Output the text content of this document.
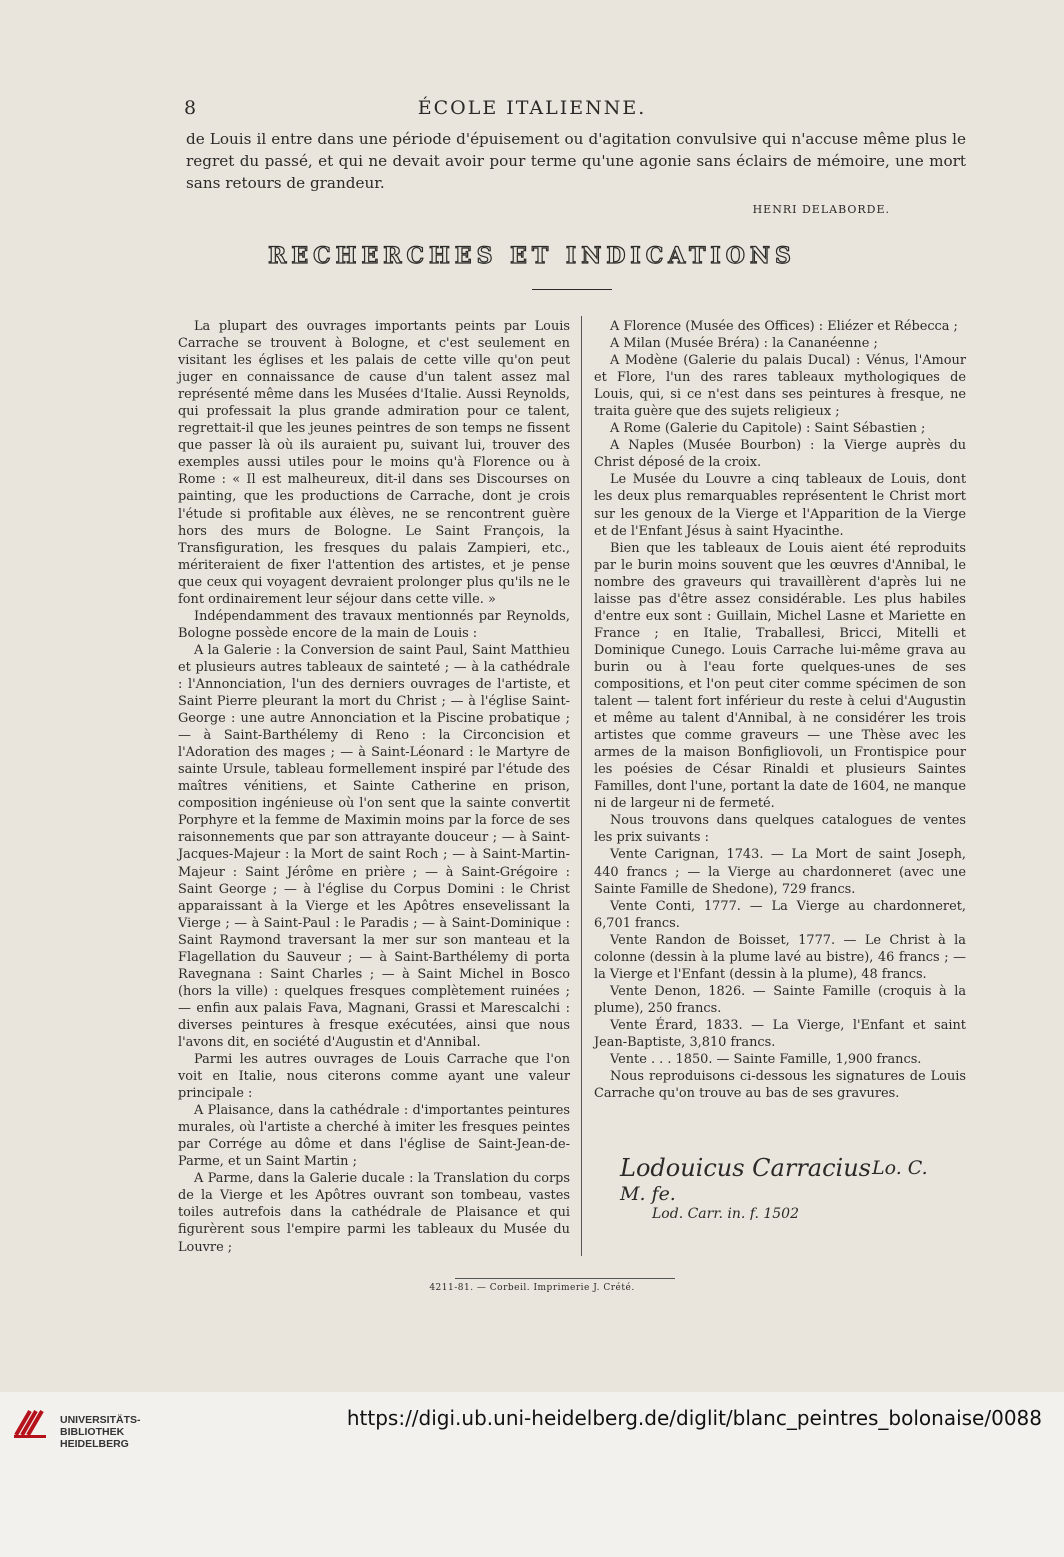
8	ÉCOLE ITALIENNE.
de Louis il entre dans une période d'épuisement ou d'agitation convulsive qui n'accuse même plus le regret du passé, et qui ne devait avoir pour terme qu'une agonie sans éclairs de mémoire, une mort sans retours de grandeur.
HENRI DELABORDE.
RECHERCHES ET INDICATIONS

La plupart des ouvrages importants peints par Louis Carrache se trouvent à Bologne, et c'est seulement en visitant les églises et les palais de cette ville qu'on peut juger en connaissance de cause d'un talent assez mal représenté même dans les Musées d'Italie. Aussi Reynolds, qui professait la plus grande admiration pour ce talent, regrettait-il que les jeunes peintres de son temps ne fissent que passer là où ils auraient pu, suivant lui, trouver des exemples aussi utiles pour le moins qu'à Florence ou à Rome : « Il est malheureux, dit-il dans ses Discourses on painting, que les productions de Carrache, dont je crois l'étude si profitable aux élèves, ne se rencontrent guère hors des murs de Bologne. Le Saint François, la Transfiguration, les fresques du palais Zampieri, etc., mériteraient de fixer l'attention des artistes, et je pense que ceux qui voyagent devraient prolonger plus qu'ils ne le font ordinairement leur séjour dans cette ville. »

Indépendamment des travaux mentionnés par Reynolds, Bologne possède encore de la main de Louis :

A la Galerie : la Conversion de saint Paul, Saint Matthieu et plusieurs autres tableaux de sainteté ; — à la cathédrale : l'Annonciation, l'un des derniers ouvrages de l'artiste, et Saint Pierre pleurant la mort du Christ ; — à l'église Saint-George : une autre Annonciation et la Piscine probatique ; — à Saint-Barthélemy di Reno : la Circoncision et l'Adoration des mages ; — à Saint-Léonard : le Martyre de sainte Ursule, tableau formellement inspiré par l'étude des maîtres vénitiens, et Sainte Catherine en prison, composition ingénieuse où l'on sent que la sainte convertit Porphyre et la femme de Maximin moins par la force de ses raisonnements que par son attrayante douceur ; — à Saint-Jacques-Majeur : la Mort de saint Roch ; — à Saint-Martin-Majeur : Saint Jérôme en prière ; — à Saint-Grégoire : Saint George ; — à l'église du Corpus Domini : le Christ apparaissant à la Vierge et les Apôtres ensevelissant la Vierge ; — à Saint-Paul : le Paradis ; — à Saint-Dominique : Saint Raymond traversant la mer sur son manteau et la Flagellation du Sauveur ; — à Saint-Barthélemy di porta Ravegnana : Saint Charles ; — à Saint Michel in Bosco (hors la ville) : quelques fresques complètement ruinées ; — enfin aux palais Fava, Magnani, Grassi et Marescalchi : diverses peintures à fresque exécutées, ainsi que nous l'avons dit, en société d'Augustin et d'Annibal.

Parmi les autres ouvrages de Louis Carrache que l'on voit en Italie, nous citerons comme ayant une valeur principale :

A Plaisance, dans la cathédrale : d'importantes peintures murales, où l'artiste a cherché à imiter les fresques peintes par Corrége au dôme et dans l'église de Saint-Jean-de-Parme, et un Saint Martin ;

A Parme, dans la Galerie ducale : la Translation du corps de la Vierge et les Apôtres ouvrant son tombeau, vastes toiles autrefois dans la cathédrale de Plaisance et qui figurèrent sous l'empire parmi les tableaux du Musée du Louvre ;

A Florence (Musée des Offices) : Eliézer et Rébecca ;

A Milan (Musée Bréra) : la Cananéenne ;

A Modène (Galerie du palais Ducal) : Vénus, l'Amour et Flore, l'un des rares tableaux mythologiques de Louis, qui, si ce n'est dans ses peintures à fresque, ne traita guère que des sujets religieux ;

A Rome (Galerie du Capitole) : Saint Sébastien ;

A Naples (Musée Bourbon) : la Vierge auprès du Christ déposé de la croix.

Le Musée du Louvre a cinq tableaux de Louis, dont les deux plus remarquables représentent le Christ mort sur les genoux de la Vierge et l'Apparition de la Vierge et de l'Enfant Jésus à saint Hyacinthe.

Bien que les tableaux de Louis aient été reproduits par le burin moins souvent que les œuvres d'Annibal, le nombre des graveurs qui travaillèrent d'après lui ne laisse pas d'être assez considérable. Les plus habiles d'entre eux sont : Guillain, Michel Lasne et Mariette en France ; en Italie, Traballesi, Bricci, Mitelli et Dominique Cunego. Louis Carrache lui-même grava au burin ou à l'eau forte quelques-unes de ses compositions, et l'on peut citer comme spécimen de son talent — talent fort inférieur du reste à celui d'Augustin et même au talent d'Annibal, à ne considérer les trois artistes que comme graveurs — une Thèse avec les armes de la maison Bonfigliovoli, un Frontispice pour les poésies de César Rinaldi et plusieurs Saintes Familles, dont l'une, portant la date de 1604, ne manque ni de largeur ni de fermeté.

Nous trouvons dans quelques catalogues de ventes les prix suivants :

Vente Carignan, 1743. — La Mort de saint Joseph, 440 francs ; — la Vierge au chardonneret (avec une Sainte Famille de Shedone), 729 francs.

Vente Conti, 1777. — La Vierge au chardonneret, 6,701 francs.

Vente Randon de Boisset, 1777. — Le Christ à la colonne (dessin à la plume lavé au bistre), 46 francs ; — la Vierge et l'Enfant (dessin à la plume), 48 francs.

Vente Denon, 1826. — Sainte Famille (croquis à la plume), 250 francs.

Vente Érard, 1833. — La Vierge, l'Enfant et saint Jean-Baptiste, 3,810 francs.

Vente . . . 1850. — Sainte Famille, 1,900 francs.

Nous reproduisons ci-dessous les signatures de Louis Carrache qu'on trouve au bas de ses gravures.

Lodouicus Carracius Lo. C.
M. fe.
Lod. Carr. in. f. 1502
4211-81. — Corbeil. Imprimerie J. Crété.
UNIVERSITÄTS-
BIBLIOTHEK
HEIDELBERG
https://digi.ub.uni-heidelberg.de/diglit/blanc_peintres_bolonaise/0088
